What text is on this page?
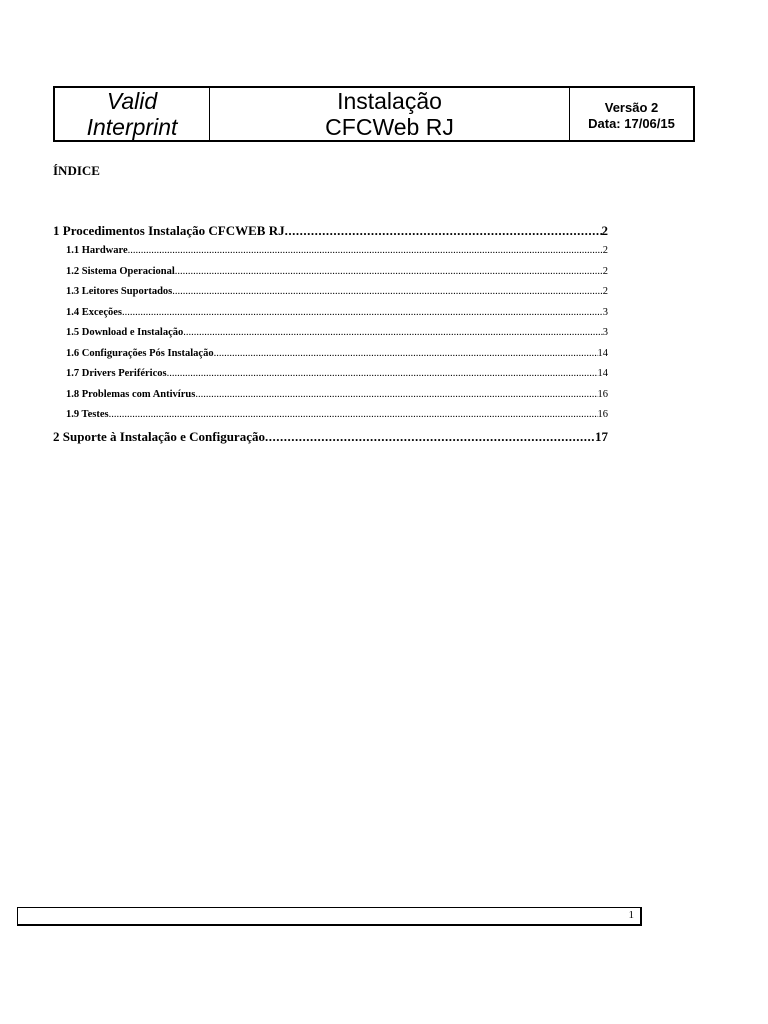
Valid
Interprint
Instalação
CFCWeb RJ
Versão 2
Data: 17/06/15
ÍNDICE
1 Procedimentos Instalação CFCWEB RJ .....	2
1.1 Hardware .....	2
1.2 Sistema Operacional .....	2
1.3 Leitores Suportados .....	2
1.4 Exceções .....	3
1.5 Download e Instalação .....	3
1.6 Configurações Pós Instalação .....	14
1.7 Drivers Periféricos .....	14
1.8 Problemas com Antivírus .....	16
1.9 Testes .....	16
2 Suporte à Instalação e Configuração .....	17
1
